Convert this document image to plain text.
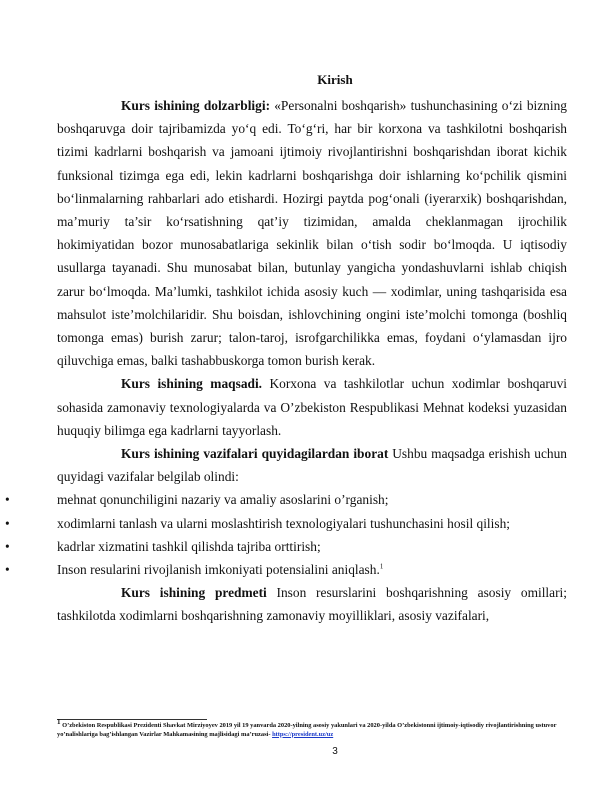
Kirish

Kurs ishining dolzarbligi: «Personalni boshqarish» tushunchasining o‘zi bizning boshqaruvga doir tajribamizda yo‘q edi. To‘g‘ri, har bir korxona va tashkilotni boshqarish tizimi kadrlarni boshqarish va jamoani ijtimoiy rivojlantirishni boshqarishdan iborat kichik funksional tizimga ega edi, lekin kadrlarni boshqarishga doir ishlarning ko‘pchilik qismini bo‘linmalarning rahbarlari ado etishardi. Hozirgi paytda pog‘onali (iyerarxik) boshqarishdan, ma’muriy ta’sir ko‘rsatishning qat’iy tizimidan, amalda cheklanmagan ijrochilik hokimiyatidan bozor munosabatlariga sekinlik bilan o‘tish sodir bo‘lmoqda. U iqtisodiy usullarga tayanadi. Shu munosabat bilan, butunlay yangicha yondashuvlarni ishlab chiqish zarur bo‘lmoqda. Ma’lumki, tashkilot ichida asosiy kuch — xodimlar, uning tashqarisida esa mahsulot iste’molchilaridir. Shu boisdan, ishlovchining ongini iste’molchi tomonga (boshliq tomonga emas) burish zarur; talon-taroj, isrofgarchilikka emas, foydani o‘ylamasdan ijro qiluvchiga emas, balki tashabbuskorga tomon burish kerak.

Kurs ishining maqsadi. Korxona va tashkilotlar uchun xodimlar boshqaruvi sohasida zamonaviy texnologiyalarda va O’zbekiston Respublikasi Mehnat kodeksi yuzasidan huquqiy bilimga ega kadrlarni tayyorlash.

Kurs ishining vazifalari quyidagilardan iborat Ushbu maqsadga erishish uchun quyidagi vazifalar belgilab olindi:

• mehnat qonunchiligini nazariy va amaliy asoslarini o’rganish;
• xodimlarni tanlash va ularni moslashtirish texnologiyalari tushunchasini hosil qilish;
• kadrlar xizmatini tashkil qilishda tajriba orttirish;
• Inson resularini rivojlanish imkoniyati potensialini aniqlash.$^1$

Kurs ishining predmeti Inson resurslarini boshqarishning asosiy omillari; tashkilotda xodimlarni boshqarishning zamonaviy moyilliklari, asosiy vazifalari,

$^1$ O’zbekiston Respublikasi Prezidenti Shavkat Mirziyoyev 2019 yil 19 yanvarda 2020-yilning asosiy yakunlari va 2020-yilda O’zbekistonni ijtimoiy-iqtisodiy rivojlantirishning ustuvor yo’nalishlariga bag’ishlangan Vazirlar Mahkamasining majlisidagi ma’ruzasi- https://president.uz/uz
3
